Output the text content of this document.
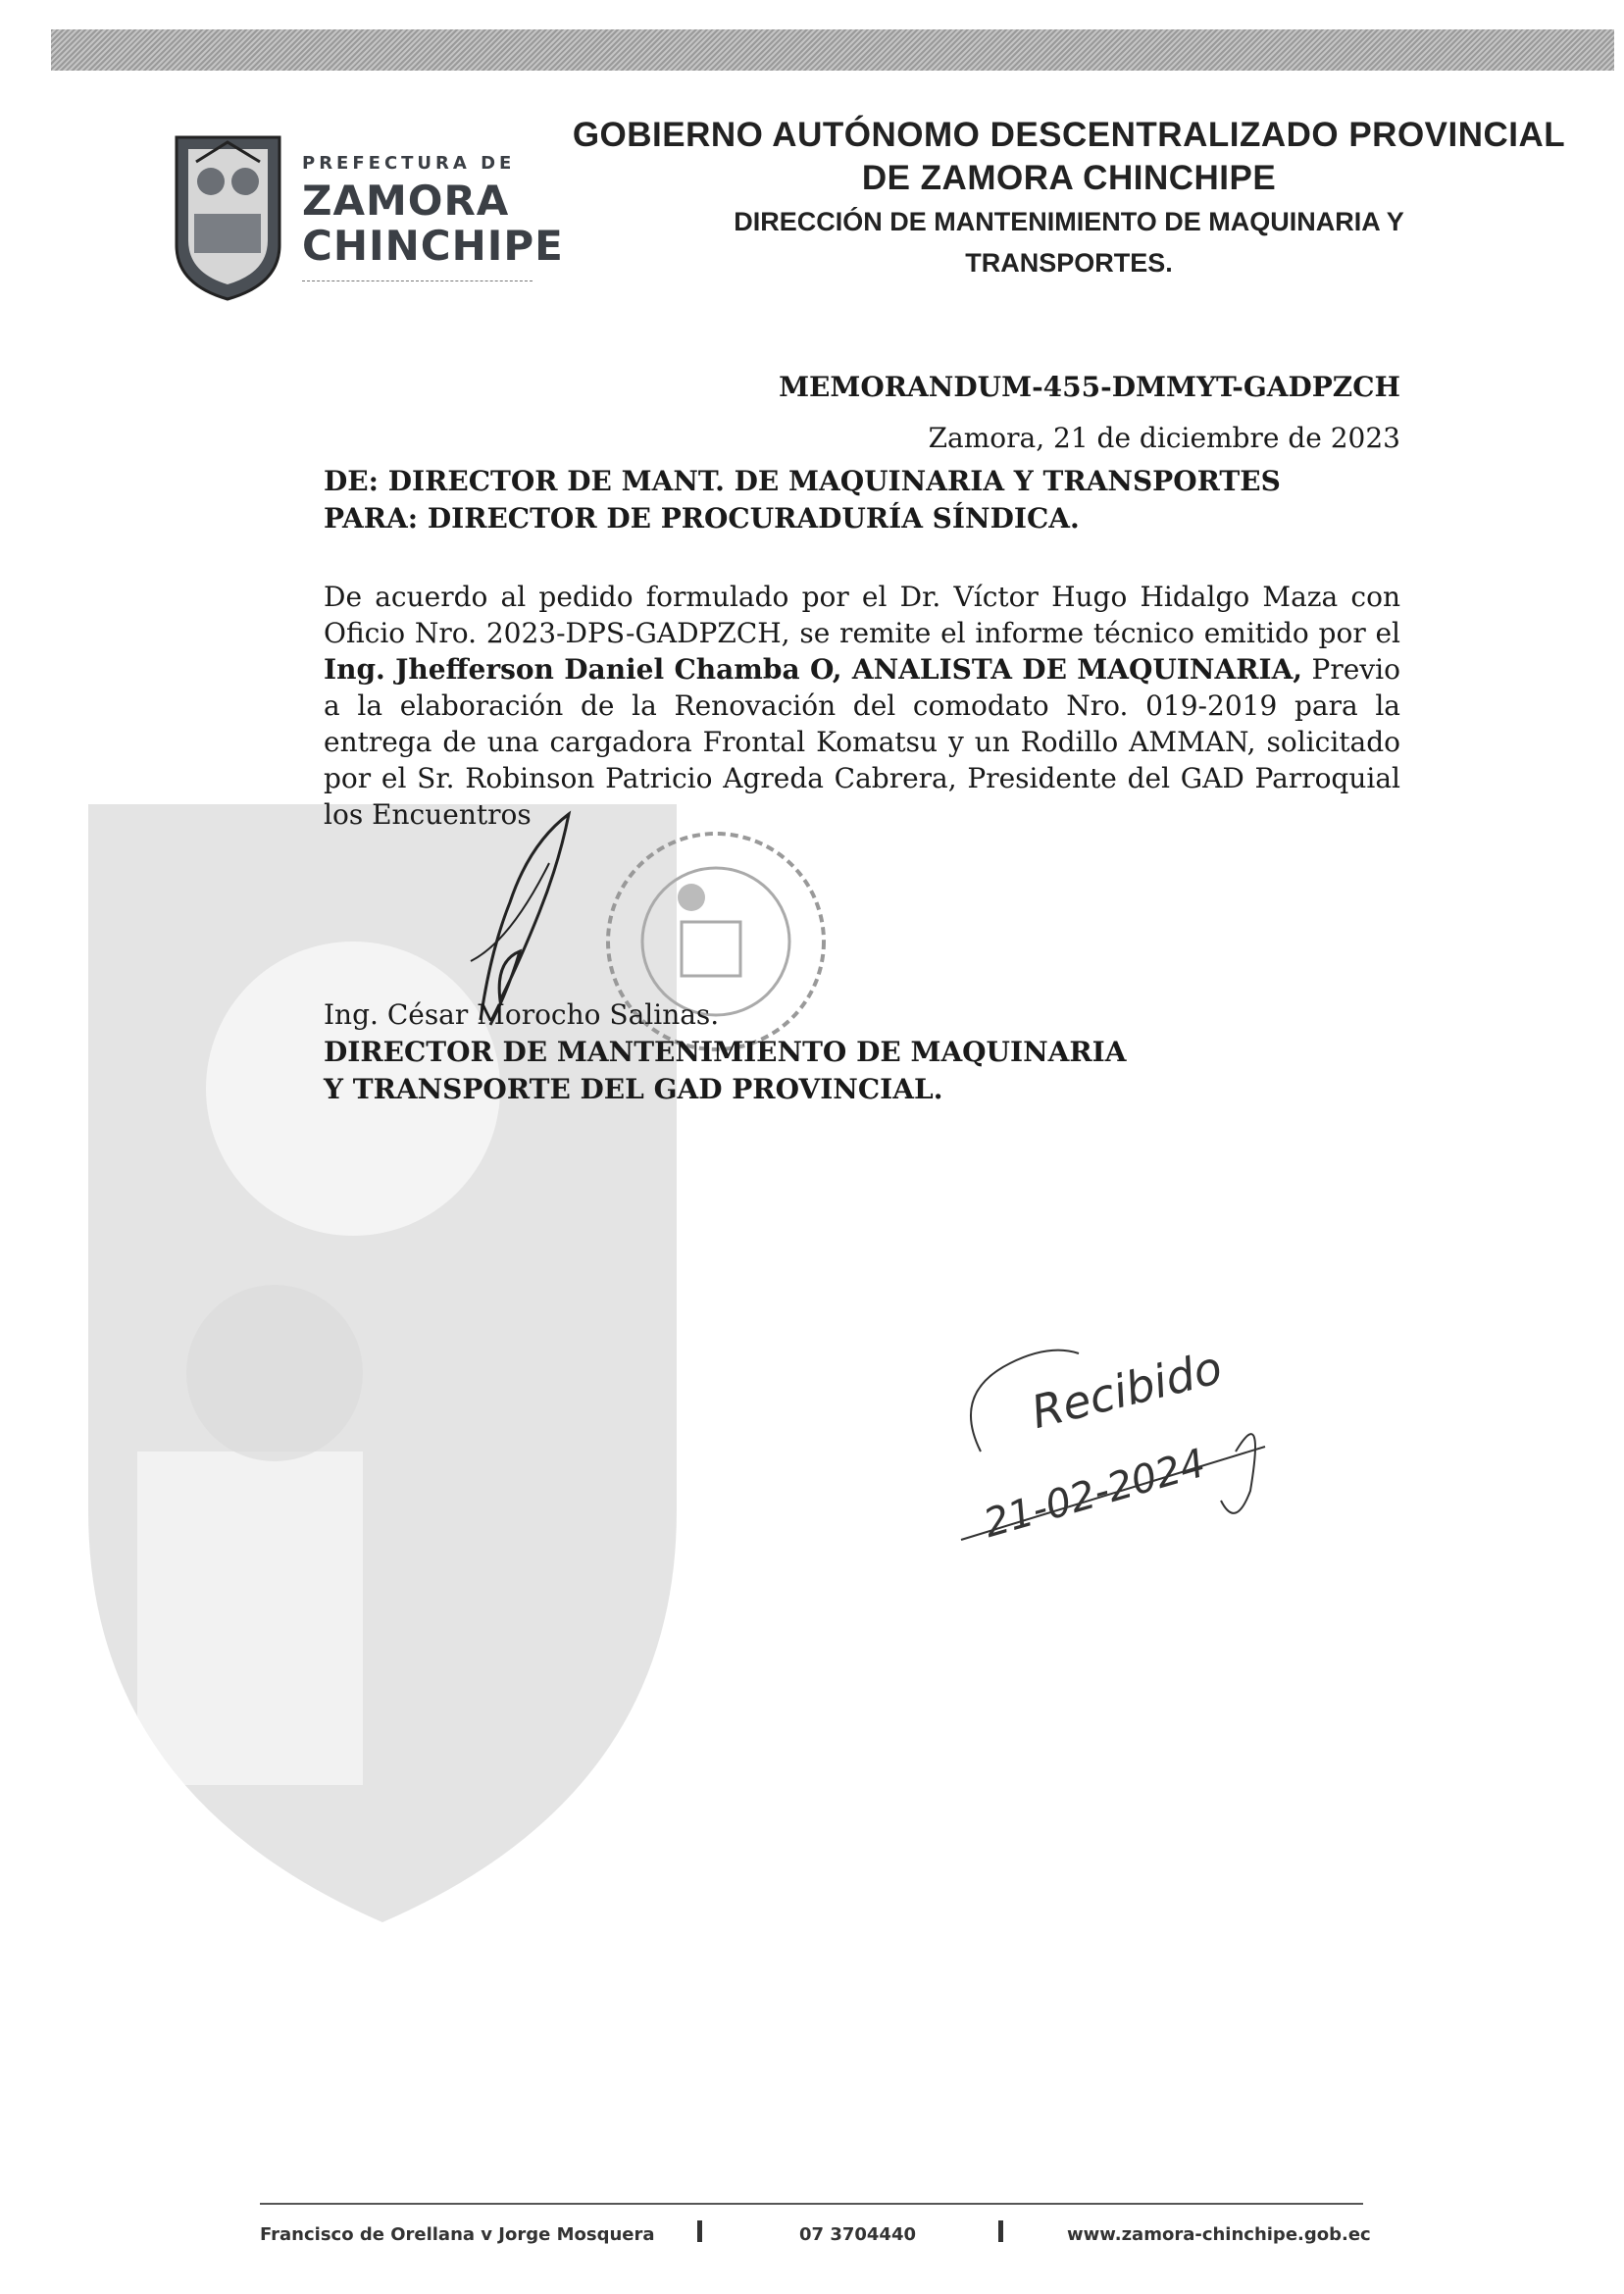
PREFECTURA DE
ZAMORA
CHINCHIPE
GOBIERNO AUTÓNOMO DESCENTRALIZADO PROVINCIAL
DE ZAMORA CHINCHIPE
DIRECCIÓN DE MANTENIMIENTO DE MAQUINARIA Y
TRANSPORTES.
MEMORANDUM-455-DMMYT-GADPZCH
Zamora, 21 de diciembre de 2023
DE: DIRECTOR DE MANT. DE MAQUINARIA Y TRANSPORTES
PARA: DIRECTOR DE PROCURADURÍA SÍNDICA.
De acuerdo al pedido formulado por el Dr. Víctor Hugo Hidalgo Maza con Oficio Nro. 2023-DPS-GADPZCH, se remite el informe técnico emitido por el Ing. Jhefferson Daniel Chamba O, ANALISTA DE MAQUINARIA, Previo a la elaboración de la Renovación del comodato Nro. 019-2019 para la entrega de una cargadora Frontal Komatsu y un Rodillo AMMAN, solicitado por el Sr. Robinson Patricio Agreda Cabrera, Presidente del GAD Parroquial los Encuentros
Ing. César Morocho Salinas.
DIRECTOR DE MANTENIMIENTO DE MAQUINARIA
Y TRANSPORTE DEL GAD PROVINCIAL.
Recibido
21-02-2024
Francisco de Orellana v Jorge Mosquera	07 3704440	www.zamora-chinchipe.gob.ec
